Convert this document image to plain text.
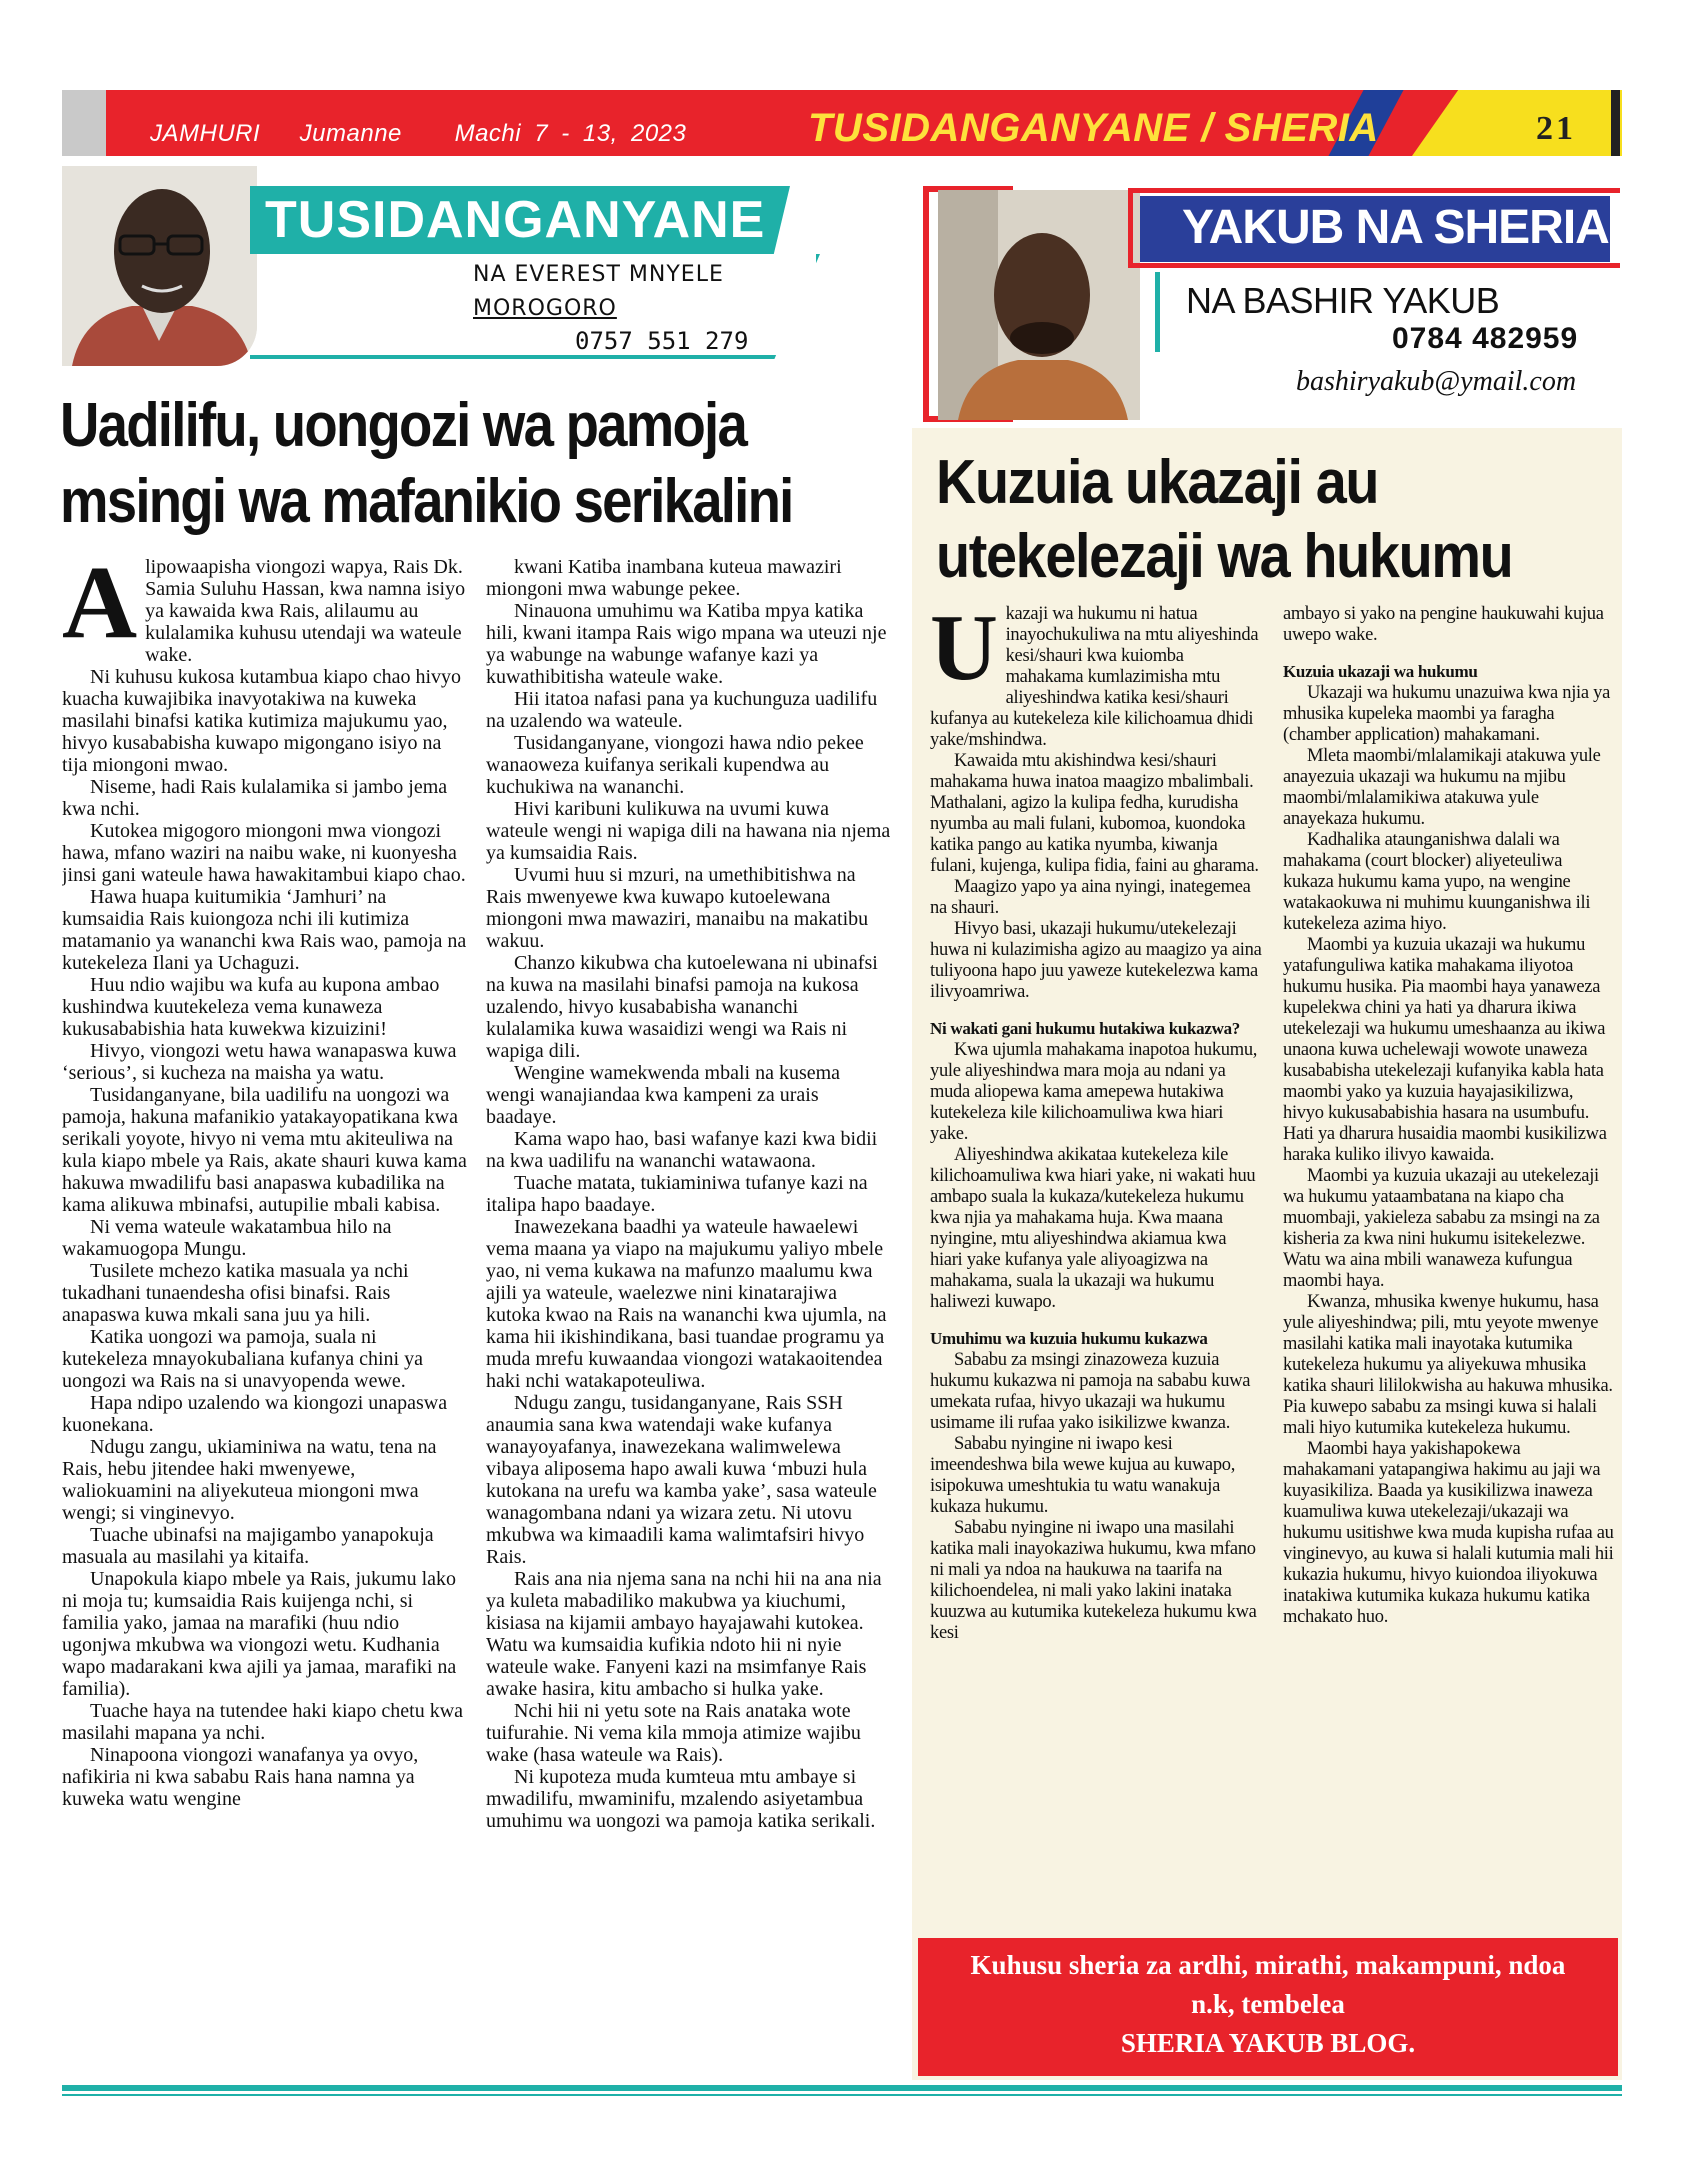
JAMHURI   Jumanne    Machi 7 - 13, 2023	TUSIDANGANYANE / SHERIA	21
TUSIDANGANYANE
NA EVEREST MNYELE
MOROGORO
0757 551 279
YAKUB NA SHERIA
NA BASHIR YAKUB
0784 482959
bashiryakub@ymail.com
Uadilifu, uongozi wa pamoja msingi wa mafanikio serikalini

Alipowaapisha viongozi wapya, Rais Dk. Samia Suluhu Hassan, kwa namna isiyo ya kawaida kwa Rais, alilaumu au kulalamika kuhusu utendaji wa wateule wake.

Ni kuhusu kukosa kutambua kiapo chao hivyo kuacha kuwajibika inavyotakiwa na kuweka masilahi binafsi katika kutimiza majukumu yao, hivyo kusababisha kuwapo migongano isiyo na tija miongoni mwao.

Niseme, hadi Rais kulalamika si jambo jema kwa nchi.

Kutokea migogoro miongoni mwa viongozi hawa, mfano waziri na naibu wake, ni kuonyesha jinsi gani wateule hawa hawakitambui kiapo chao.

Hawa huapa kuitumikia ‘Jamhuri’ na kumsaidia Rais kuiongoza nchi ili kutimiza matamanio ya wananchi kwa Rais wao, pamoja na kutekeleza Ilani ya Uchaguzi.

Huu ndio wajibu wa kufa au kupona ambao kushindwa kuutekeleza vema kunaweza kukusababishia hata kuwekwa kizuizini!

Hivyo, viongozi wetu hawa wanapaswa kuwa ‘serious’, si kucheza na maisha ya watu.

Tusidanganyane, bila uadilifu na uongozi wa pamoja, hakuna mafanikio yatakayopatikana kwa serikali yoyote, hivyo ni vema mtu akiteuliwa na kula kiapo mbele ya Rais, akate shauri kuwa kama hakuwa mwadilifu basi anapaswa kubadilika na kama alikuwa mbinafsi, autupilie mbali kabisa.

Ni vema wateule wakatambua hilo na wakamuogopa Mungu.

Tusilete mchezo katika masuala ya nchi tukadhani tunaendesha ofisi binafsi. Rais anapaswa kuwa mkali sana juu ya hili.

Katika uongozi wa pamoja, suala ni kutekeleza mnayokubaliana kufanya chini ya uongozi wa Rais na si unavyopenda wewe.

Hapa ndipo uzalendo wa kiongozi unapaswa kuonekana.

Ndugu zangu, ukiaminiwa na watu, tena na Rais, hebu jitendee haki mwenyewe, waliokuamini na aliyekuteua miongoni mwa wengi; si vinginevyo.

Tuache ubinafsi na majigambo yanapokuja masuala au masilahi ya kitaifa.

Unapokula kiapo mbele ya Rais, jukumu lako ni moja tu; kumsaidia Rais kuijenga nchi, si familia yako, jamaa na marafiki (huu ndio ugonjwa mkubwa wa viongozi wetu. Kudhania wapo madarakani kwa ajili ya jamaa, marafiki na familia).

Tuache haya na tutendee haki kiapo chetu kwa masilahi mapana ya nchi.

Ninapoona viongozi wanafanya ya ovyo, nafikiria ni kwa sababu Rais hana namna ya kuweka watu wengine

kwani Katiba inambana kuteua mawaziri miongoni mwa wabunge pekee.

Ninauona umuhimu wa Katiba mpya katika hili, kwani itampa Rais wigo mpana wa uteuzi nje ya wabunge na wabunge wafanye kazi ya kuwathibitisha wateule wake.

Hii itatoa nafasi pana ya kuchunguza uadilifu na uzalendo wa wateule.

Tusidanganyane, viongozi hawa ndio pekee wanaoweza kuifanya serikali kupendwa au kuchukiwa na wananchi.

Hivi karibuni kulikuwa na uvumi kuwa wateule wengi ni wapiga dili na hawana nia njema ya kumsaidia Rais.

Uvumi huu si mzuri, na umethibitishwa na Rais mwenyewe kwa kuwapo kutoelewana miongoni mwa mawaziri, manaibu na makatibu wakuu.

Chanzo kikubwa cha kutoelewana ni ubinafsi na kuwa na masilahi binafsi pamoja na kukosa uzalendo, hivyo kusababisha wananchi kulalamika kuwa wasaidizi wengi wa Rais ni wapiga dili.

Wengine wamekwenda mbali na kusema wengi wanajiandaa kwa kampeni za urais baadaye.

Kama wapo hao, basi wafanye kazi kwa bidii na kwa uadilifu na wananchi watawaona.

Tuache matata, tukiaminiwa tufanye kazi na italipa hapo baadaye.

Inawezekana baadhi ya wateule hawaelewi vema maana ya viapo na majukumu yaliyo mbele yao, ni vema kukawa na mafunzo maalumu kwa ajili ya wateule, waelezwe nini kinatarajiwa kutoka kwao na Rais na wananchi kwa ujumla, na kama hii ikishindikana, basi tuandae programu ya muda mrefu kuwaandaa viongozi watakaoitendea haki nchi watakapoteuliwa.

Ndugu zangu, tusidanganyane, Rais SSH anaumia sana kwa watendaji wake kufanya wanayoyafanya, inawezekana walimwelewa vibaya aliposema hapo awali kuwa ‘mbuzi hula kutokana na urefu wa kamba yake’, sasa wateule wanagombana ndani ya wizara zetu. Ni utovu mkubwa wa kimaadili kama walimtafsiri hivyo Rais.

Rais ana nia njema sana na nchi hii na ana nia ya kuleta mabadiliko makubwa ya kiuchumi, kisiasa na kijamii ambayo hayajawahi kutokea. Watu wa kumsaidia kufikia ndoto hii ni nyie wateule wake. Fanyeni kazi na msimfanye Rais awake hasira, kitu ambacho si hulka yake.

Nchi hii ni yetu sote na Rais anataka wote tuifurahie. Ni vema kila mmoja atimize wajibu wake (hasa wateule wa Rais).

Ni kupoteza muda kumteua mtu ambaye si mwadilifu, mwaminifu, mzalendo asiyetambua umuhimu wa uongozi wa pamoja katika serikali.

Kuzuia ukazaji au utekelezaji wa hukumu

Ukazaji wa hukumu ni hatua inayochukuliwa na mtu aliyeshinda kesi/shauri kwa kuiomba mahakama kumlazimisha mtu aliyeshindwa katika kesi/shauri kufanya au kutekeleza kile kilichoamua dhidi yake/mshindwa.

Kawaida mtu akishindwa kesi/shauri mahakama huwa inatoa maagizo mbalimbali. Mathalani, agizo la kulipa fedha, kurudisha nyumba au mali fulani, kubomoa, kuondoka katika pango au katika nyumba, kiwanja fulani, kujenga, kulipa fidia, faini au gharama.

Maagizo yapo ya aina nyingi, inategemea na shauri.

Hivyo basi, ukazaji hukumu/utekelezaji huwa ni kulazimisha agizo au maagizo ya aina tuliyoona hapo juu yaweze kutekelezwa kama ilivyoamriwa.

Ni wakati gani hukumu hutakiwa kukazwa?

Kwa ujumla mahakama inapotoa hukumu, yule aliyeshindwa mara moja au ndani ya muda aliopewa kama amepewa hutakiwa kutekeleza kile kilichoamuliwa kwa hiari yake.

Aliyeshindwa akikataa kutekeleza kile kilichoamuliwa kwa hiari yake, ni wakati huu ambapo suala la kukaza/kutekeleza hukumu kwa njia ya mahakama huja. Kwa maana nyingine, mtu aliyeshindwa akiamua kwa hiari yake kufanya yale aliyoagizwa na mahakama, suala la ukazaji wa hukumu haliwezi kuwapo.

Umuhimu wa kuzuia hukumu kukazwa

Sababu za msingi zinazoweza kuzuia hukumu kukazwa ni pamoja na sababu kuwa umekata rufaa, hivyo ukazaji wa hukumu usimame ili rufaa yako isikilizwe kwanza.

Sababu nyingine ni iwapo kesi imeendeshwa bila wewe kujua au kuwapo, isipokuwa umeshtukia tu watu wanakuja kukaza hukumu.

Sababu nyingine ni iwapo una masilahi katika mali inayokaziwa hukumu, kwa mfano ni mali ya ndoa na haukuwa na taarifa na kilichoendelea, ni mali yako lakini inataka kuuzwa au kutumika kutekeleza hukumu kwa kesi

ambayo si yako na pengine haukuwahi kujua uwepo wake.

Kuzuia ukazaji wa hukumu

Ukazaji wa hukumu unazuiwa kwa njia ya mhusika kupeleka maombi ya faragha (chamber application) mahakamani.

Mleta maombi/mlalamikaji atakuwa yule anayezuia ukazaji wa hukumu na mjibu maombi/mlalamikiwa atakuwa yule anayekaza hukumu.

Kadhalika ataunganishwa dalali wa mahakama (court blocker) aliyeteuliwa kukaza hukumu kama yupo, na wengine watakaokuwa ni muhimu kuunganishwa ili kutekeleza azima hiyo.

Maombi ya kuzuia ukazaji wa hukumu yatafunguliwa katika mahakama iliyotoa hukumu husika. Pia maombi haya yanaweza kupelekwa chini ya hati ya dharura ikiwa utekelezaji wa hukumu umeshaanza au ikiwa unaona kuwa uchelewaji wowote unaweza kusababisha utekelezaji kufanyika kabla hata maombi yako ya kuzuia hayajasikilizwa, hivyo kukusababishia hasara na usumbufu. Hati ya dharura husaidia maombi kusikilizwa haraka kuliko ilivyo kawaida.

Maombi ya kuzuia ukazaji au utekelezaji wa hukumu yataambatana na kiapo cha muombaji, yakieleza sababu za msingi na za kisheria za kwa nini hukumu isitekelezwe. Watu wa aina mbili wanaweza kufungua maombi haya.

Kwanza, mhusika kwenye hukumu, hasa yule aliyeshindwa; pili, mtu yeyote mwenye masilahi katika mali inayotaka kutumika kutekeleza hukumu ya aliyekuwa mhusika katika shauri lililokwisha au hakuwa mhusika. Pia kuwepo sababu za msingi kuwa si halali mali hiyo kutumika kutekeleza hukumu.

Maombi haya yakishapokewa mahakamani yatapangiwa hakimu au jaji wa kuyasikiliza. Baada ya kusikilizwa inaweza kuamuliwa kuwa utekelezaji/ukazaji wa hukumu usitishwe kwa muda kupisha rufaa au vinginevyo, au kuwa si halali kutumia mali hii kukazia hukumu, hivyo kuiondoa iliyokuwa inatakiwa kutumika kukaza hukumu katika mchakato huo.

Kuhusu sheria za ardhi, mirathi, makampuni, ndoa
n.k, tembelea
SHERIA YAKUB BLOG.
